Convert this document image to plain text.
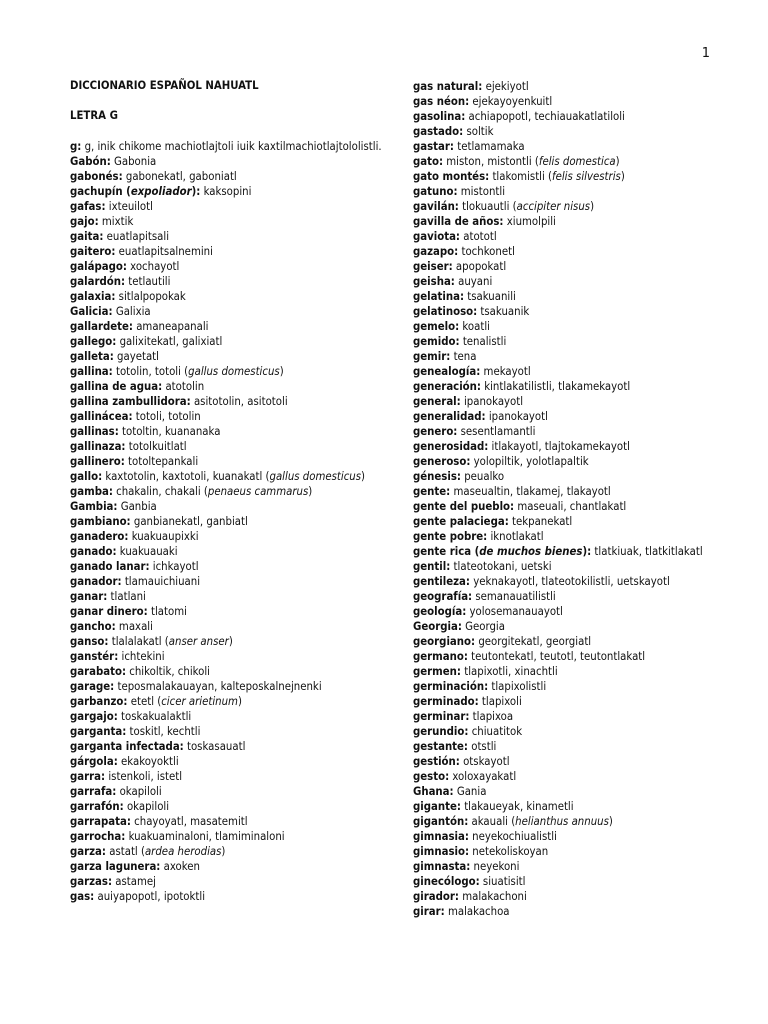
1
DICCIONARIO ESPAÑOL NAHUATL
LETRA G
g: g, inik chikome machiotlajtoli iuik kaxtilmachiotlajtololistli.
Gabón: Gabonia
gabonés: gabonekatl, gaboniatl
gachupín (expoliador): kaksopini
gafas: ixteuilotl
gajo: mixtik
gaita: euatlapitsali
gaitero: euatlapitsalnemini
galápago: xochayotl
galardón: tetlautili
galaxia: sitlalpopokak
Galicia: Galixia
gallardete: amaneapanali
gallego: galixitekatl, galixiatl
galleta: gayetatl
gallina: totolin, totoli (gallus domesticus)
gallina de agua: atotolin
gallina zambullidora: asitotolin, asitotoli
gallinácea: totoli, totolin
gallinas: totoltin, kuananaka
gallinaza: totolkuitlatl
gallinero: totoltepankali
gallo: kaxtotolin, kaxtotoli, kuanakatl (gallus domesticus)
gamba: chakalin, chakali (penaeus cammarus)
Gambia: Ganbia
gambiano: ganbianekatl, ganbiatl
ganadero: kuakuaupixki
ganado: kuakuauaki
ganado lanar: ichkayotl
ganador: tlamauichiuani
ganar: tlatlani
ganar dinero: tlatomi
gancho: maxali
ganso: tlalalakatl (anser anser)
ganstér: ichtekini
garabato: chikoltik, chikoli
garage: teposmalakauayan, kalteposkalnejnenki
garbanzo: etetl (cicer arietinum)
gargajo: toskakualaktli
garganta: toskitl, kechtli
garganta infectada: toskasauatl
gárgola: ekakoyoktli
garra: istenkoli, istetl
garrafa: okapiloli
garrafón: okapiloli
garrapata: chayoyatl, masatemitl
garrocha: kuakuaminaloni, tlamiminaloni
garza: astatl (ardea herodias)
garza lagunera: axoken
garzas: astamej
gas: auiyapopotl, ipotoktli
gas natural: ejekiyotl
gas néon: ejekayoyenkuitl
gasolina: achiapopotl, techiauakatlatiloli
gastado: soltik
gastar: tetlamamaka
gato: miston, mistontli (felis domestica)
gato montés: tlakomistli (felis silvestris)
gatuno: mistontli
gavilán: tlokuautli (accipiter nisus)
gavilla de años: xiumolpili
gaviota: atototl
gazapo: tochkonetl
geiser: apopokatl
geisha: auyani
gelatina: tsakuanili
gelatinoso: tsakuanik
gemelo: koatli
gemido: tenalistli
gemir: tena
genealogía: mekayotl
generación: kintlakatilistli, tlakamekayotl
general: ipanokayotl
generalidad: ipanokayotl
genero: sesentlamantli
generosidad: itlakayotl, tlajtokamekayotl
generoso: yolopiltik, yolotlapaltik
génesis: peualko
gente: maseualtin, tlakamej, tlakayotl
gente del pueblo: maseuali, chantlakatl
gente palaciega: tekpanekatl
gente pobre: iknotlakatl
gente rica (de muchos bienes): tlatkiuak, tlatkitlakatl
gentil: tlateotokani, uetski
gentileza: yeknakayotl, tlateotokilistli, uetskayotl
geografía: semanauatilistli
geología: yolosemanauayotl
Georgia: Georgia
georgiano: georgitekatl, georgiatl
germano: teutontekatl, teutotl, teutontlakatl
germen: tlapixotli, xinachtli
germinación: tlapixolistli
germinado: tlapixoli
germinar: tlapixoa
gerundio: chiuatitok
gestante: otstli
gestión: otskayotl
gesto: xoloxayakatl
Ghana: Gania
gigante: tlakaueyak, kinametli
gigantón: akauali (helianthus annuus)
gimnasia: neyekochiualistli
gimnasio: netekoliskoyan
gimnasta: neyekoni
ginecólogo: siuatisitl
girador: malakachoni
girar: malakachoa
